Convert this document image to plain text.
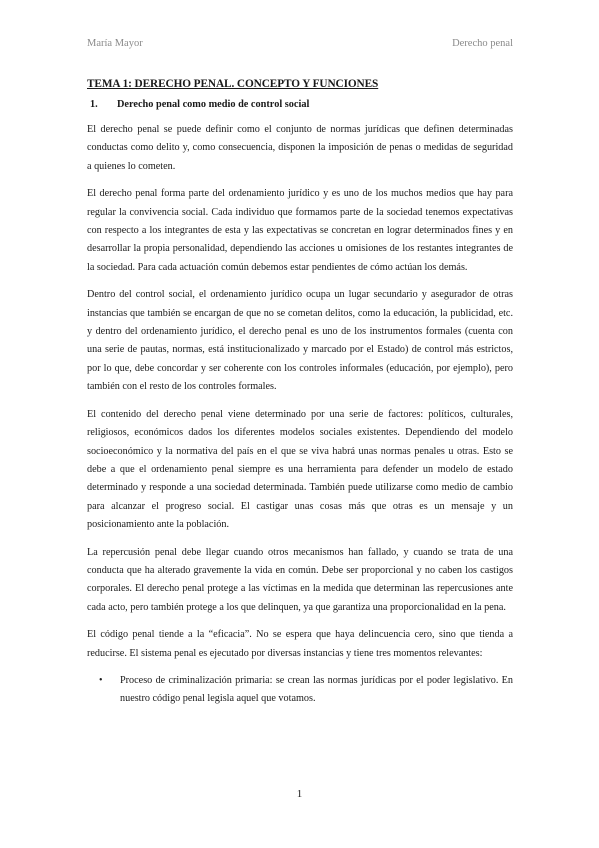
María Mayor	Derecho penal
TEMA 1: DERECHO PENAL. CONCEPTO Y FUNCIONES
1. Derecho penal como medio de control social

El derecho penal se puede definir como el conjunto de normas jurídicas que definen determinadas conductas como delito y, como consecuencia, disponen la imposición de penas o medidas de seguridad a quienes lo cometen.

El derecho penal forma parte del ordenamiento jurídico y es uno de los muchos medios que hay para regular la convivencia social. Cada individuo que formamos parte de la sociedad tenemos expectativas con respecto a los integrantes de esta y las expectativas se concretan en lograr determinados fines y en desarrollar la propia personalidad, dependiendo las acciones u omisiones de los restantes integrantes de la sociedad. Para cada actuación común debemos estar pendientes de cómo actúan los demás.

Dentro del control social, el ordenamiento jurídico ocupa un lugar secundario y asegurador de otras instancias que también se encargan de que no se cometan delitos, como la educación, la publicidad, etc. y dentro del ordenamiento jurídico, el derecho penal es uno de los instrumentos formales (cuenta con una serie de pautas, normas, está institucionalizado y marcado por el Estado) de control más estrictos, por lo que, debe concordar y ser coherente con los controles informales (educación, por ejemplo), pero también con el resto de los controles formales.

El contenido del derecho penal viene determinado por una serie de factores: políticos, culturales, religiosos, económicos dados los diferentes modelos sociales existentes. Dependiendo del modelo socioeconómico y la normativa del país en el que se viva habrá unas normas penales u otras. Esto se debe a que el ordenamiento penal siempre es una herramienta para defender un modelo de estado determinado y responde a una sociedad determinada. También puede utilizarse como medio de cambio para alcanzar el progreso social. El castigar unas cosas más que otras es un mensaje y un posicionamiento ante la población.

La repercusión penal debe llegar cuando otros mecanismos han fallado, y cuando se trata de una conducta que ha alterado gravemente la vida en común. Debe ser proporcional y no caben los castigos corporales. El derecho penal protege a las víctimas en la medida que determinan las repercusiones ante cada acto, pero también protege a los que delinquen, ya que garantiza una proporcionalidad en la pena.

El código penal tiende a la “eficacia”. No se espera que haya delincuencia cero, sino que tienda a reducirse. El sistema penal es ejecutado por diversas instancias y tiene tres momentos relevantes:

• Proceso de criminalización primaria: se crean las normas jurídicas por el poder legislativo. En nuestro código penal legisla aquel que votamos.
1
